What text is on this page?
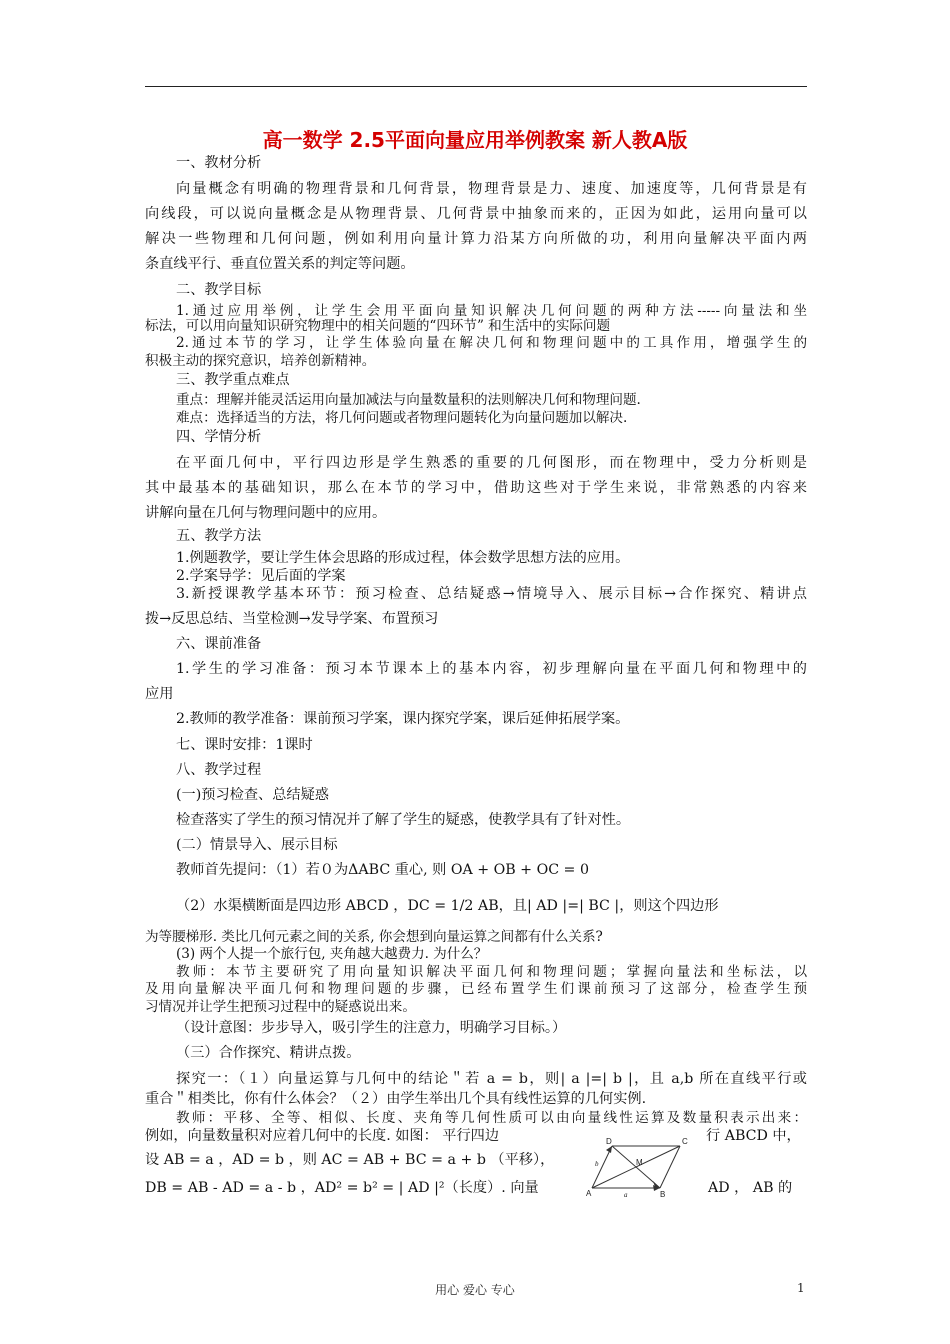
高一数学 2.5平面向量应用举例教案 新人教A版
一、教材分析
向量概念有明确的物理背景和几何背景，物理背景是力、速度、加速度等，几何背景是有
向线段，可以说向量概念是从物理背景、几何背景中抽象而来的，正因为如此，运用向量可以
解决一些物理和几何问题，例如利用向量计算力沿某方向所做的功，利用向量解决平面内两
条直线平行、垂直位置关系的判定等问题。
二、教学目标
1.通过应用举例，让学生会用平面向量知识解决几何问题的两种方法-----向量法和坐
标法，可以用向量知识研究物理中的相关问题的“四环节” 和生活中的实际问题
2.通过本节的学习，让学生体验向量在解决几何和物理问题中的工具作用，增强学生的
积极主动的探究意识，培养创新精神。
三、教学重点难点
重点：理解并能灵活运用向量加减法与向量数量积的法则解决几何和物理问题.
难点：选择适当的方法，将几何问题或者物理问题转化为向量问题加以解决.
四、学情分析
在平面几何中，平行四边形是学生熟悉的重要的几何图形，而在物理中，受力分析则是
其中最基本的基础知识，那么在本节的学习中，借助这些对于学生来说，非常熟悉的内容来
讲解向量在几何与物理问题中的应用。
五、教学方法
1.例题教学，要让学生体会思路的形成过程，体会数学思想方法的应用。
2.学案导学：见后面的学案
3.新授课教学基本环节：预习检查、总结疑惑→情境导入、展示目标→合作探究、精讲点
拨→反思总结、当堂检测→发导学案、布置预习
六、课前准备
1.学生的学习准备：预习本节课本上的基本内容，初步理解向量在平面几何和物理中的
应用
2.教师的教学准备：课前预习学案，课内探究学案，课后延伸拓展学案。
七、课时安排：1课时
八、教学过程
(一)预习检查、总结疑惑
检查落实了学生的预习情况并了解了学生的疑惑，使教学具有了针对性。
(二）情景导入、展示目标
教师首先提问：（1）若０为ΔABC 重心, 则 OA + OB + OC = 0
（2）水渠横断面是四边形 ABCD ，DC = 1/2 AB，且| AD |=| BC |，则这个四边形
为等腰梯形. 类比几何元素之间的关系, 你会想到向量运算之间都有什么关系?
(3) 两个人提一个旅行包, 夹角越大越费力. 为什么？
教师：本节主要研究了用向量知识解决平面几何和物理问题；掌握向量法和坐标法，以
及用向量解决平面几何和物理问题的步骤，已经布置学生们课前预习了这部分，检查学生预
习情况并让学生把预习过程中的疑惑说出来。
（设计意图：步步导入，吸引学生的注意力，明确学习目标。）
（三）合作探究、精讲点拨。
探究一：（１）向量运算与几何中的结论＂若 a = b，则| a |=| b |，且 a,b 所在直线平行或
重合＂相类比，你有什么体会？（２）由学生举出几个具有线性运算的几何实例.
教师：平移、全等、相似、长度、夹角等几何性质可以由向量线性运算及数量积表示出来：
例如，向量数量积对应着几何中的长度. 如图： 平行四边	行 ABCD 中，
设 AB = a ，AD = b ，则 AC = AB + BC = a + b （平移），
DB = AB - AD = a - b ，AD² = b² = | AD |²（长度）. 向量	AD ， AB 的
D	C
A	B
M
b
a
用心 爱心 专心	1
